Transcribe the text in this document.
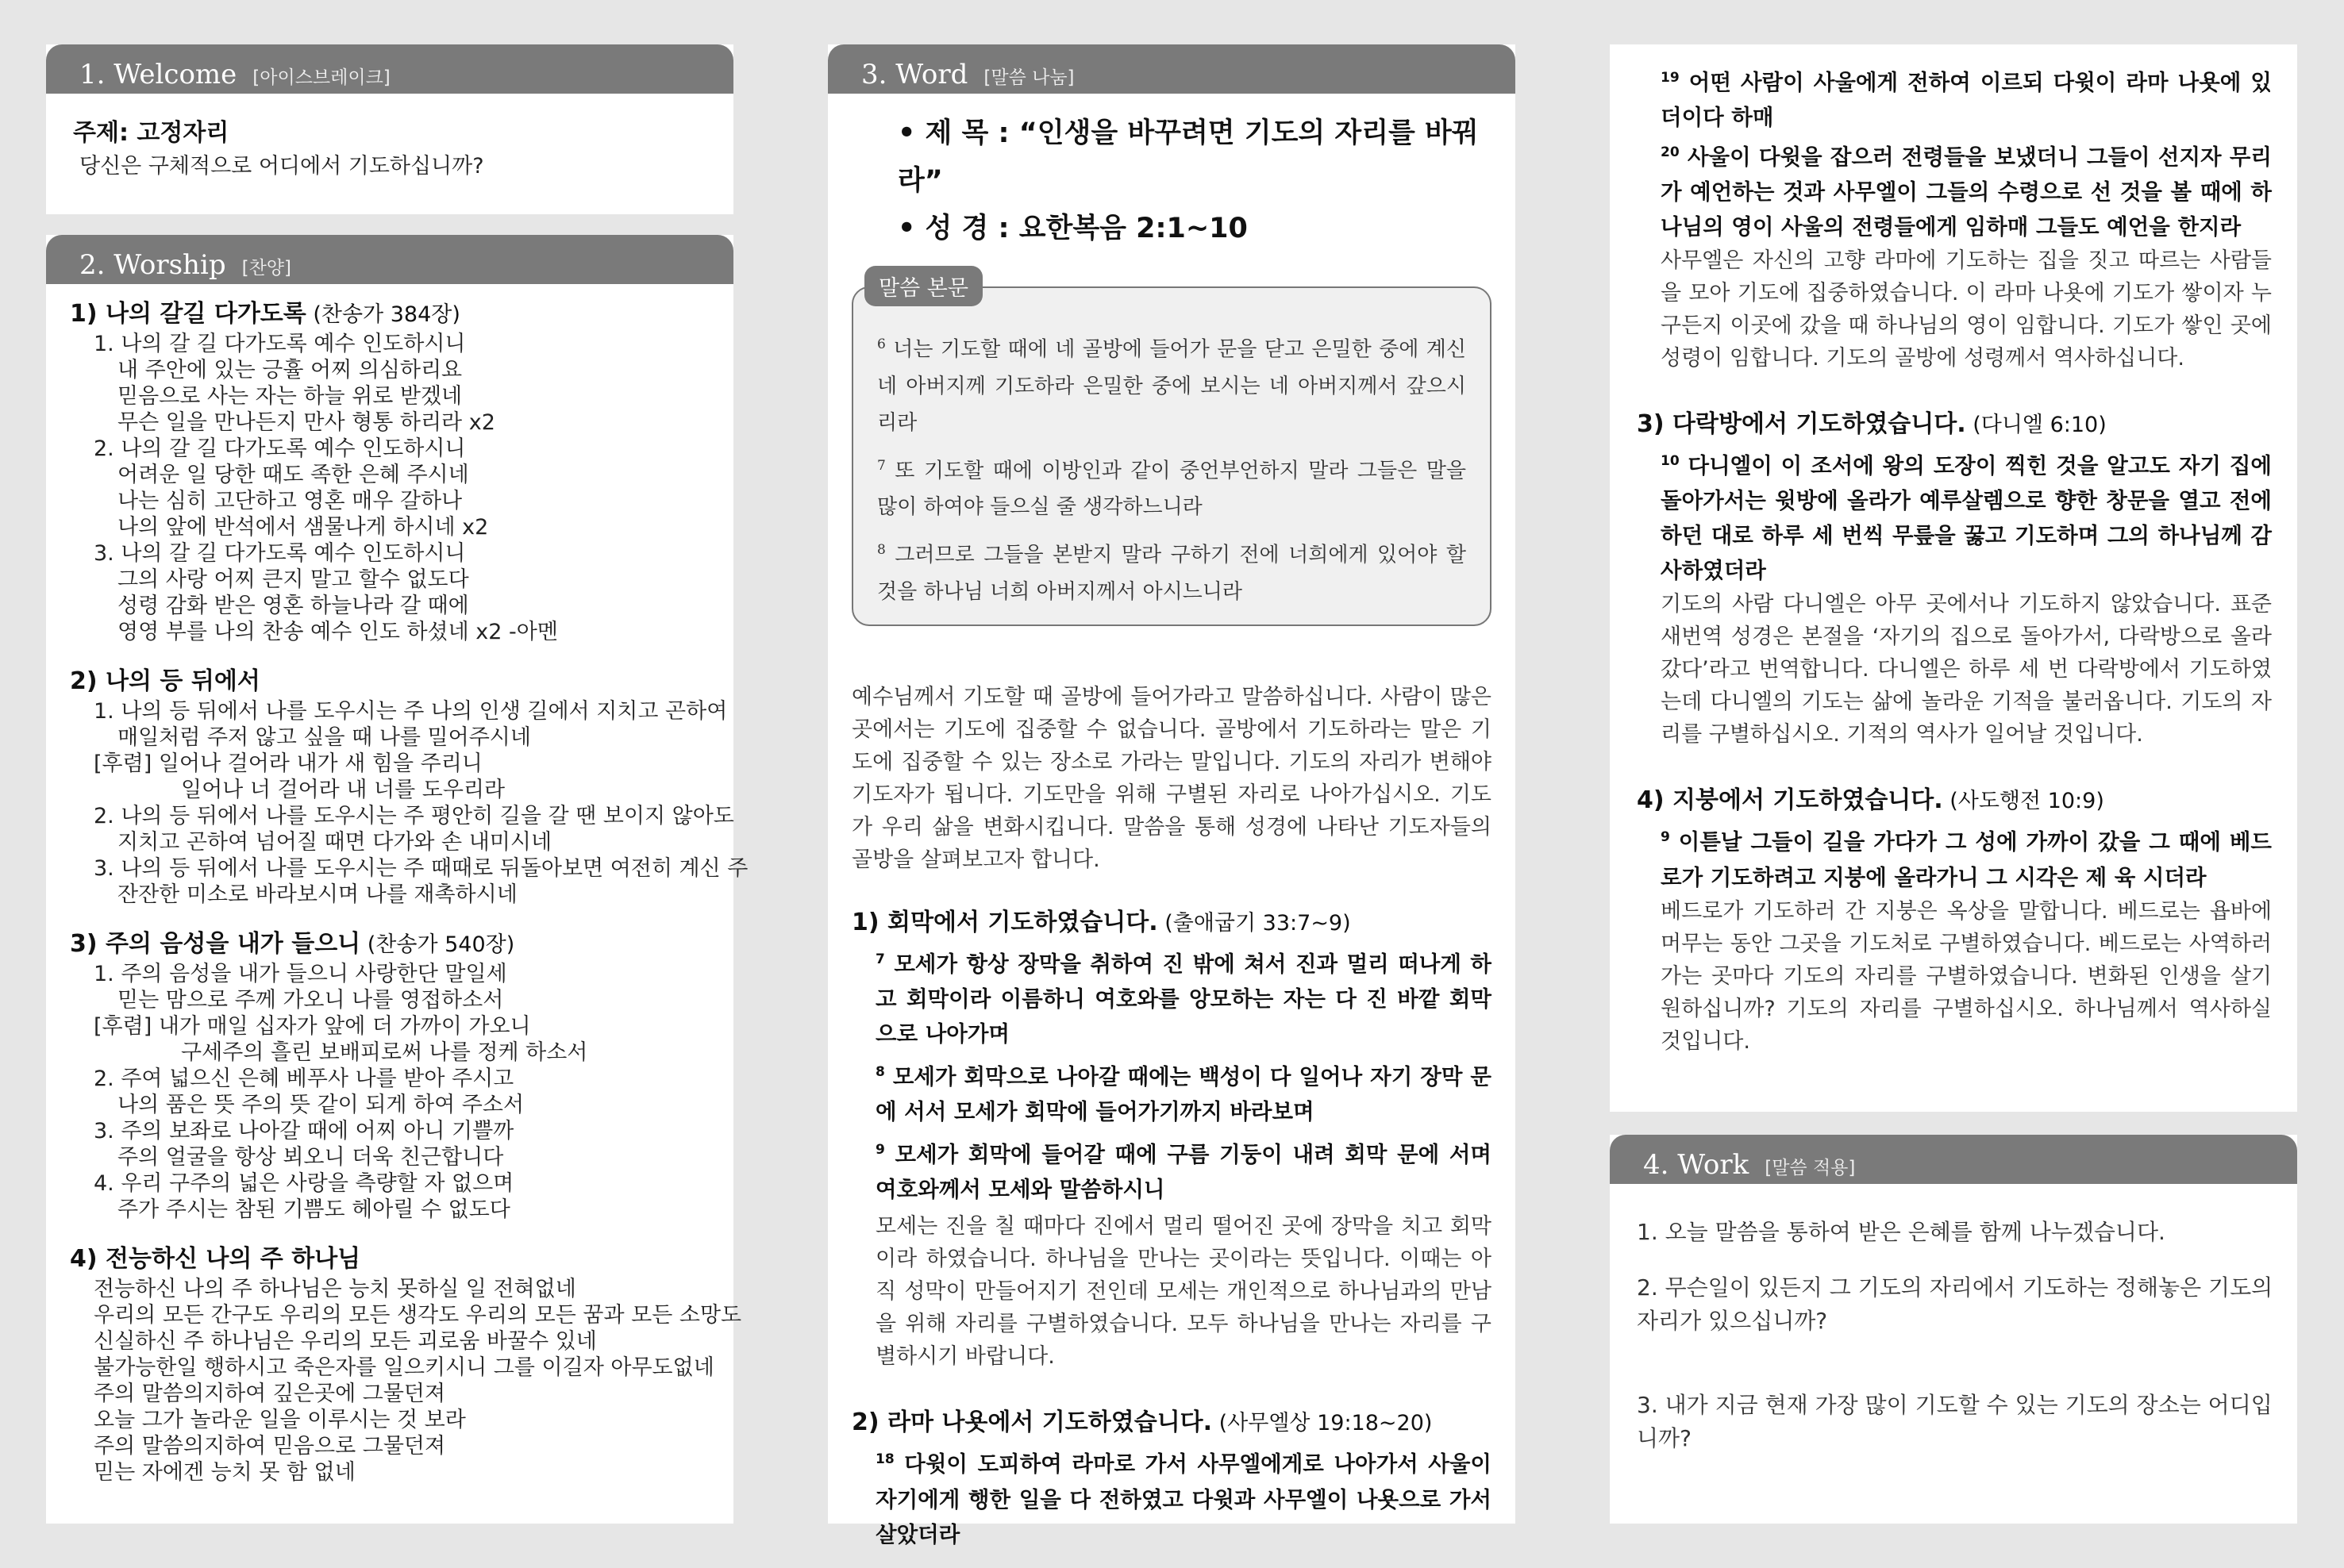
1. Welcome [아이스브레이크]
주제: 고정자리
당신은 구체적으로 어디에서 기도하십니까?
2. Worship [찬양]
1) 나의 갈길 다가도록 (찬송가 384장)
1. 나의 갈 길 다가도록 예수 인도하시니
내 주안에 있는 긍휼 어찌 의심하리요
믿음으로 사는 자는 하늘 위로 받겠네
무슨 일을 만나든지 만사 형통 하리라 x2
2. 나의 갈 길 다가도록 예수 인도하시니
어려운 일 당한 때도 족한 은혜 주시네
나는 심히 고단하고 영혼 매우 갈하나
나의 앞에 반석에서 샘물나게 하시네 x2
3. 나의 갈 길 다가도록 예수 인도하시니
그의 사랑 어찌 큰지 말고 할수 없도다
성령 감화 받은 영혼 하늘나라 갈 때에
영영 부를 나의 찬송 예수 인도 하셨네 x2 -아멘
2) 나의 등 뒤에서
1. 나의 등 뒤에서 나를 도우시는 주 나의 인생 길에서 지치고 곤하여
매일처럼 주저 않고 싶을 때 나를 밀어주시네
[후렴] 일어나 걸어라 내가 새 힘을 주리니
일어나 너 걸어라 내 너를 도우리라
2. 나의 등 뒤에서 나를 도우시는 주 평안히 길을 갈 땐 보이지 않아도
지치고 곤하여 넘어질 때면 다가와 손 내미시네
3. 나의 등 뒤에서 나를 도우시는 주 때때로 뒤돌아보면 여전히 계신 주
잔잔한 미소로 바라보시며 나를 재촉하시네
3) 주의 음성을 내가 들으니 (찬송가 540장)
1. 주의 음성을 내가 들으니 사랑한단 말일세
믿는 맘으로 주께 가오니 나를 영접하소서
[후렴] 내가 매일 십자가 앞에 더 가까이 가오니
구세주의 흘린 보배피로써 나를 정케 하소서
2. 주여 넓으신 은혜 베푸사 나를 받아 주시고
나의 품은 뜻 주의 뜻 같이 되게 하여 주소서
3. 주의 보좌로 나아갈 때에 어찌 아니 기쁠까
주의 얼굴을 항상 뵈오니 더욱 친근합니다
4. 우리 구주의 넓은 사랑을 측량할 자 없으며
주가 주시는 참된 기쁨도 헤아릴 수 없도다
4) 전능하신 나의 주 하나님
전능하신 나의 주 하나님은 능치 못하실 일 전혀없네
우리의 모든 간구도 우리의 모든 생각도 우리의 모든 꿈과 모든 소망도
신실하신 주 하나님은 우리의 모든 괴로움 바꿀수 있네
불가능한일 행하시고 죽은자를 일으키시니 그를 이길자 아무도없네
주의 말씀의지하여 깊은곳에 그물던져
오늘 그가 놀라운 일을 이루시는 것 보라
주의 말씀의지하여 믿음으로 그물던져
믿는 자에겐 능치 못 함 없네
3. Word [말씀 나눔]
• 제 목 : “인생을 바꾸려면 기도의 자리를 바꿔라”
• 성 경 : 요한복음 2:1~10
말씀 본문
$^6$ 너는 기도할 때에 네 골방에 들어가 문을 닫고 은밀한 중에 계신 네 아버지께 기도하라 은밀한 중에 보시는 네 아버지께서 갚으시리라
$^7$ 또 기도할 때에 이방인과 같이 중언부언하지 말라 그들은 말을 많이 하여야 들으실 줄 생각하느니라
$^8$ 그러므로 그들을 본받지 말라 구하기 전에 너희에게 있어야 할 것을 하나님 너희 아버지께서 아시느니라
예수님께서 기도할 때 골방에 들어가라고 말씀하십니다. 사람이 많은 곳에서는 기도에 집중할 수 없습니다. 골방에서 기도하라는 말은 기도에 집중할 수 있는 장소로 가라는 말입니다. 기도의 자리가 변해야 기도자가 됩니다. 기도만을 위해 구별된 자리로 나아가십시오. 기도가 우리 삶을 변화시킵니다. 말씀을 통해 성경에 나타난 기도자들의 골방을 살펴보고자 합니다.
1) 회막에서 기도하였습니다. (출애굽기 33:7~9)
$^7$ 모세가 항상 장막을 취하여 진 밖에 쳐서 진과 멀리 떠나게 하고 회막이라 이름하니 여호와를 앙모하는 자는 다 진 바깥 회막으로 나아가며
$^8$ 모세가 회막으로 나아갈 때에는 백성이 다 일어나 자기 장막 문에 서서 모세가 회막에 들어가기까지 바라보며
$^9$ 모세가 회막에 들어갈 때에 구름 기둥이 내려 회막 문에 서며 여호와께서 모세와 말씀하시니
모세는 진을 칠 때마다 진에서 멀리 떨어진 곳에 장막을 치고 회막이라 하였습니다. 하나님을 만나는 곳이라는 뜻입니다. 이때는 아직 성막이 만들어지기 전인데 모세는 개인적으로 하나님과의 만남을 위해 자리를 구별하였습니다. 모두 하나님을 만나는 자리를 구별하시기 바랍니다.
2) 라마 나욧에서 기도하였습니다. (사무엘상 19:18~20)
$^{18}$ 다윗이 도피하여 라마로 가서 사무엘에게로 나아가서 사울이 자기에게 행한 일을 다 전하였고 다윗과 사무엘이 나욧으로 가서 살았더라
$^{19}$ 어떤 사람이 사울에게 전하여 이르되 다윗이 라마 나욧에 있더이다 하매
$^{20}$ 사울이 다윗을 잡으러 전령들을 보냈더니 그들이 선지자 무리가 예언하는 것과 사무엘이 그들의 수령으로 선 것을 볼 때에 하나님의 영이 사울의 전령들에게 임하매 그들도 예언을 한지라
사무엘은 자신의 고향 라마에 기도하는 집을 짓고 따르는 사람들을 모아 기도에 집중하였습니다. 이 라마 나욧에 기도가 쌓이자 누구든지 이곳에 갔을 때 하나님의 영이 임합니다. 기도가 쌓인 곳에 성령이 임합니다. 기도의 골방에 성령께서 역사하십니다.
3) 다락방에서 기도하였습니다. (다니엘 6:10)
$^{10}$ 다니엘이 이 조서에 왕의 도장이 찍힌 것을 알고도 자기 집에 돌아가서는 윗방에 올라가 예루살렘으로 향한 창문을 열고 전에 하던 대로 하루 세 번씩 무릎을 꿇고 기도하며 그의 하나님께 감사하였더라
기도의 사람 다니엘은 아무 곳에서나 기도하지 않았습니다. 표준새번역 성경은 본절을 ‘자기의 집으로 돌아가서, 다락방으로 올라갔다’라고 번역합니다. 다니엘은 하루 세 번 다락방에서 기도하였는데 다니엘의 기도는 삶에 놀라운 기적을 불러옵니다. 기도의 자리를 구별하십시오. 기적의 역사가 일어날 것입니다.
4) 지붕에서 기도하였습니다. (사도행전 10:9)
$^9$ 이튿날 그들이 길을 가다가 그 성에 가까이 갔을 그 때에 베드로가 기도하려고 지붕에 올라가니 그 시각은 제 육 시더라
베드로가 기도하러 간 지붕은 옥상을 말합니다. 베드로는 욥바에 머무는 동안 그곳을 기도처로 구별하였습니다. 베드로는 사역하러 가는 곳마다 기도의 자리를 구별하였습니다. 변화된 인생을 살기 원하십니까? 기도의 자리를 구별하십시오. 하나님께서 역사하실 것입니다.
4. Work [말씀 적용]
1. 오늘 말씀을 통하여 받은 은혜를 함께 나누겠습니다.
2. 무슨일이 있든지 그 기도의 자리에서 기도하는 정해놓은 기도의 자리가 있으십니까?
3. 내가 지금 현재 가장 많이 기도할 수 있는 기도의 장소는 어디입니까?
